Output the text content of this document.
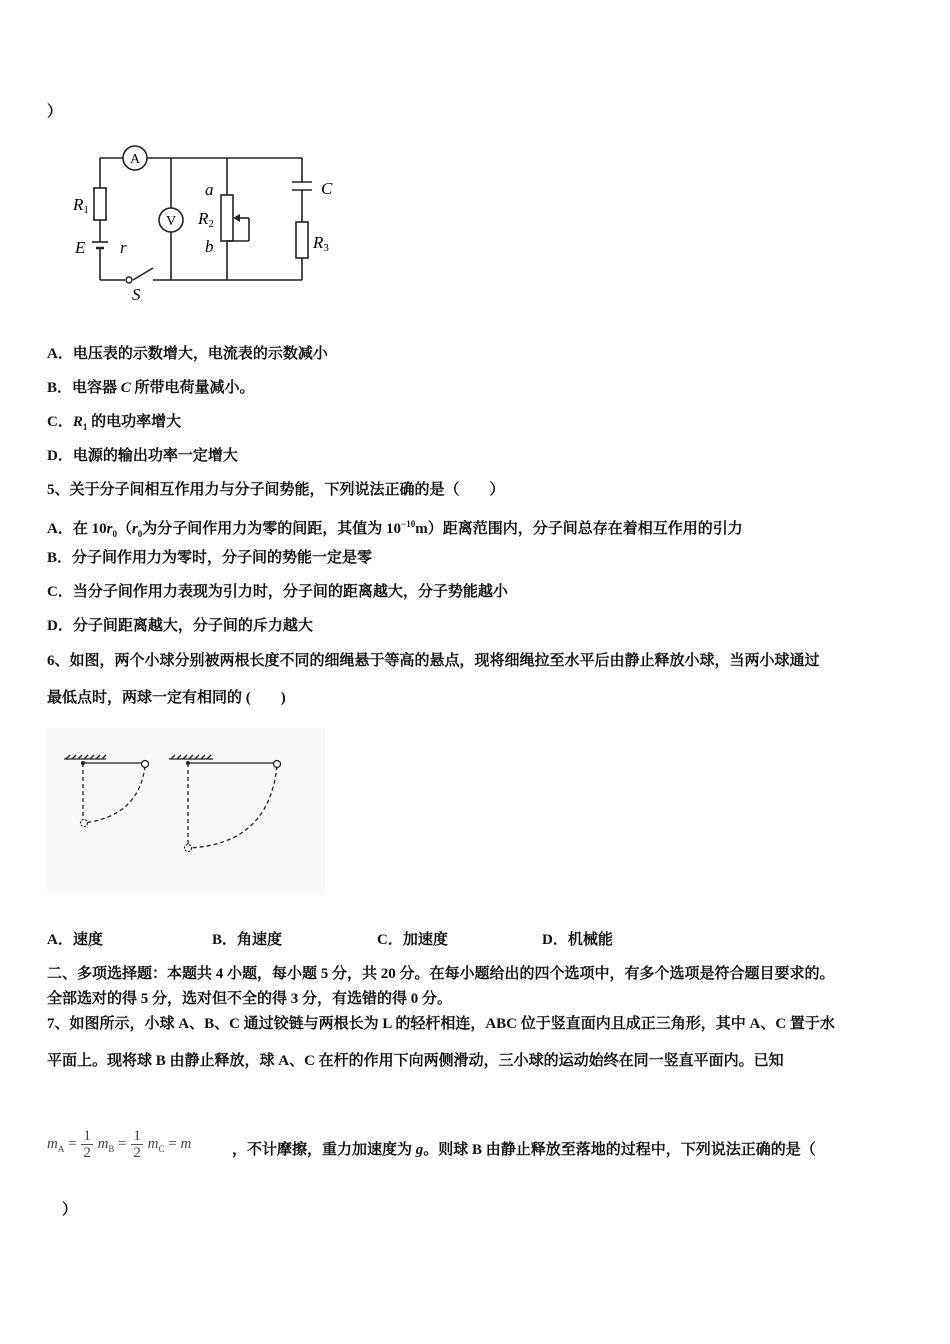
）
A
V
R1
E r
a
R2
b
C
R3
S
A．电压表的示数增大，电流表的示数减小
B．电容器 C 所带电荷量减小。
C．$R_1$ 的电功率增大
D．电源的输出功率一定增大
5、关于分子间相互作用力与分子间势能，下列说法正确的是（　　）
A．在 $10r_0(r_0$为分子间作用力为零的间距，其值为 $10^{-10}m$）距离范围内，分子间总存在着相互作用的引力
B．分子间作用力为零时，分子间的势能一定是零
C．当分子间作用力表现为引力时，分子间的距离越大，分子势能越小
D．分子间距离越大，分子间的斥力越大
6、如图，两个小球分别被两根长度不同的细绳悬于等高的悬点，现将细绳拉至水平后由静止释放小球，当两小球通过
最低点时，两球一定有相同的 (　　)
A．速度	B．角速度	C．加速度	D．机械能
二、多项选择题：本题共 4 小题，每小题 5 分，共 20 分。在每小题给出的四个选项中，有多个选项是符合题目要求的。
全部选对的得 5 分，选对但不全的得 3 分，有选错的得 0 分。
7、如图所示，小球 A、B、C 通过铰链与两根长为 L 的轻杆相连，ABC 位于竖直面内且成正三角形，其中 A、C 置于水
平面上。现将球 B 由静止释放，球 A、C 在杆的作用下向两侧滑动，三小球的运动始终在同一竖直平面内。已知
$m_A = \frac{1}{2} m_B = \frac{1}{2} m_C = m$	，不计摩擦，重力加速度为 g。则球 B 由静止释放至落地的过程中，下列说法正确的是（
）
